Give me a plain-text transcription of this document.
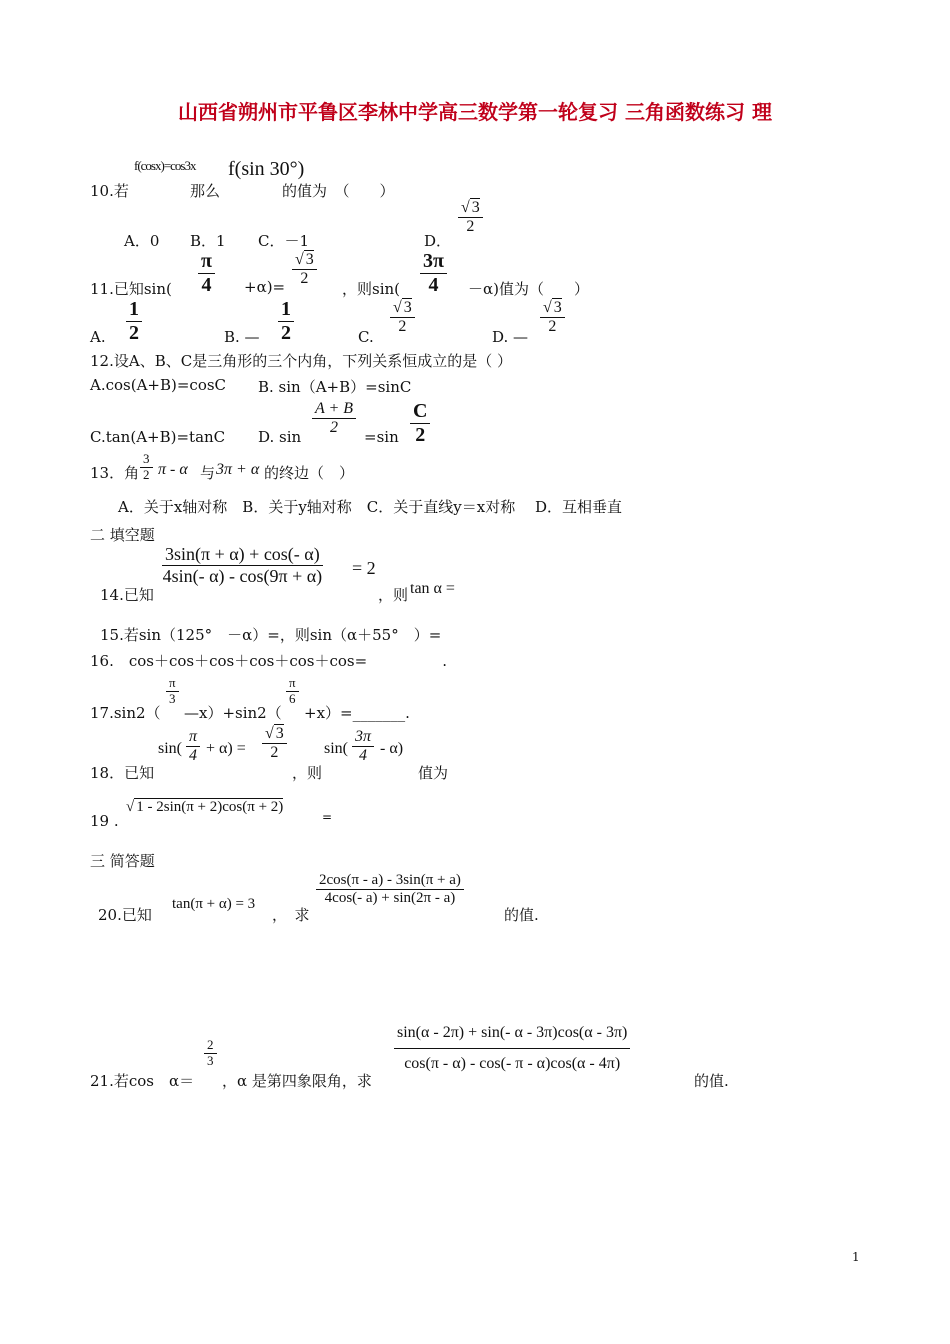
山西省朔州市平鲁区李林中学高三数学第一轮复习 三角函数练习 理
10.若
f(cosx)=cos3x
那么
f(sin 30°)
的值为　（　　）
A．0 B．1 C．－1	D．
$\frac{√ 3}{2}$
11.已知$\sin( \frac{\pi}{4} +\alpha)= \frac{√ 3}{2}$
，则$\sin( \frac{3\pi}{4} -\alpha)$值为（　　）
A. $\frac{1}{2}$	B. — $\frac{1}{2}$	C.
$\frac{√ 3}{2}$
D. —
$\frac{√ 3}{2}$
12.设A、B、C是三角形的三个内角，下列关系恒成立的是（ ）
A.cos(A+B)=cosC B. sin（A+B）=sinC
C.tan(A+B)=tanC D. $\sin \frac{A + B}{2} =\sin \frac{C}{2}$
13．角 $\frac{3}{2}$ π - α 与 3π + α 的终边（　）
A．关于x轴对称　B．关于y轴对称　C．关于直线y＝x对称　 D．互相垂直
二 填空题
14.已知
$\frac{3\sin(\pi + \alpha) + \cos(- \alpha)}{4\sin(- \alpha) - \cos(9\pi + \alpha)} = 2$
，则 tan α =
15.若sin（125°　－α）=，则sin（α＋55°　）=
16.　cos＋cos＋cos＋cos＋cos＋cos=　　　　　.
17.sin2（
$\frac{\pi}{3}$
—x）+sin2（
$\frac{\pi}{6}$
+x）=_______.
18．已知
$\sin( \frac{\pi}{4} + \alpha) = \frac{√ 3}{2}$
，则
$\sin( \frac{3\pi}{4} - \alpha)$
值为
19 .
√ 1 - 2sin(π + 2)cos(π + 2)
=
三 简答题
20.已知
tan(π + α) = 3
，　求
$\frac{2\cos(\pi - a) - 3\sin(\pi + a)}{4\cos(- a) + \sin(2\pi - a)}$
的值.
21.若cos　α＝
$\frac{2}{3}$
，α 是第四象限角，求
$\frac{\sin(\alpha - 2\pi) + \sin(- \alpha - 3\pi)\cos(\alpha - 3\pi)}{\cos(\pi - \alpha) - \cos(- \pi - \alpha)\cos(\alpha - 4\pi)}$
的值.
1
